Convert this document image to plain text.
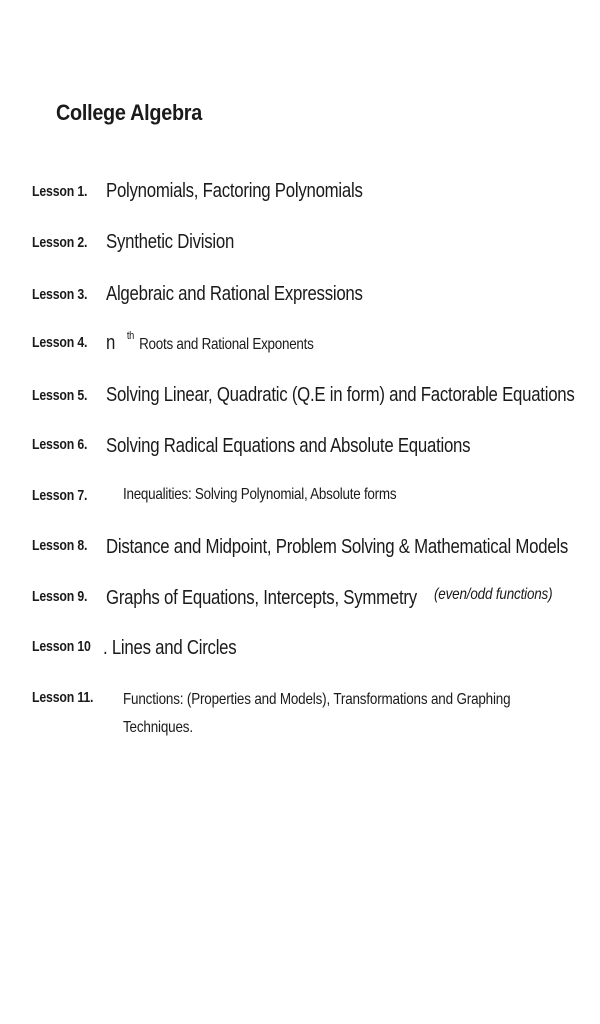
College Algebra
Lesson 1. Polynomials, Factoring Polynomials
Lesson 2. Synthetic Division
Lesson 3. Algebraic and Rational Expressions
Lesson 4. n $^{th}$ Roots and Rational Exponents
Lesson 5. Solving Linear, Quadratic (Q.E in form) and Factorable Equations
Lesson 6. Solving Radical Equations and Absolute Equations
Lesson 7. Inequalities: Solving Polynomial, Absolute forms
Lesson 8. Distance and Midpoint, Problem Solving & Mathematical Models
Lesson 9. Graphs of Equations, Intercepts, Symmetry (even/odd functions)
Lesson 10 . Lines and Circles
Lesson 11. Functions: (Properties and Models), Transformations and Graphing Techniques.
